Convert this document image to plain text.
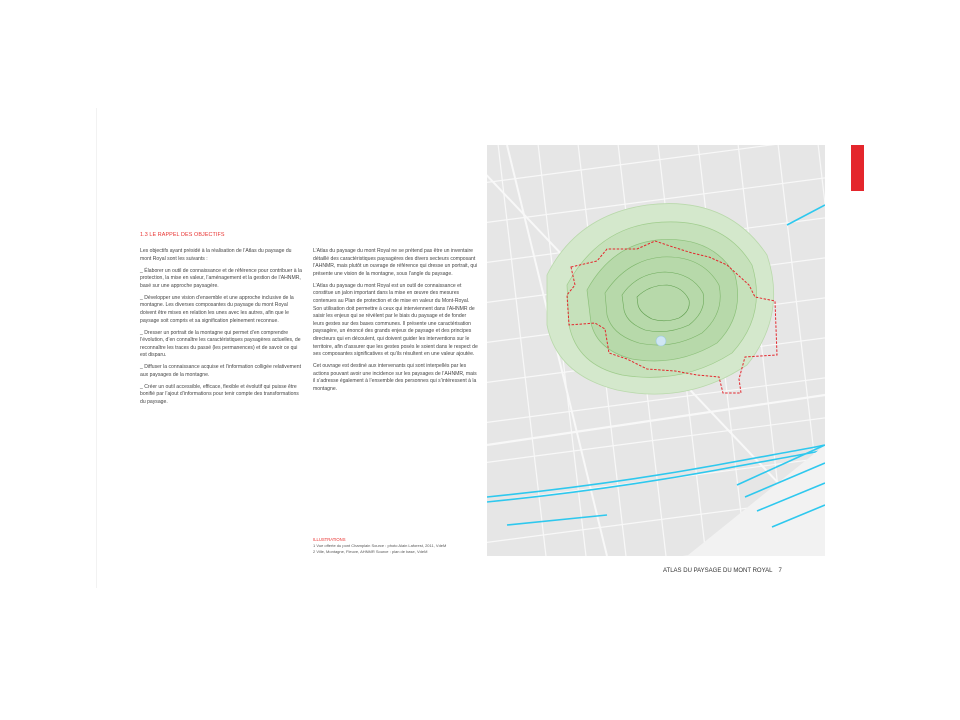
1.3 LE RAPPEL DES OBJECTIFS

Les objectifs ayant présidé à la réalisation de l’Atlas du paysage du mont Royal sont les suivants :

_ Élaborer un outil de connaissance et de référence pour contribuer à la protection, la mise en valeur, l’aménagement et la gestion de l’AHNMR, basé sur une approche paysagère.

_ Développer une vision d’ensemble et une approche inclusive de la montagne. Les diverses composantes du paysage du mont Royal doivent être mises en relation les unes avec les autres, afin que le paysage soit compris et sa signification pleinement reconnue.

_ Dresser un portrait de la montagne qui permet d’en comprendre l’évolution, d’en connaître les caractéristiques paysagères actuelles, de reconnaître les traces du passé (les permanences) et de savoir ce qui est disparu.

_ Diffuser la connaissance acquise et l’information colligée relativement aux paysages de la montagne.

_ Créer un outil accessible, efficace, flexible et évolutif qui puisse être bonifié par l’ajout d’informations pour tenir compte des transformations du paysage.

L’Atlas du paysage du mont Royal ne se prétend pas être un inventaire détaillé des caractéristiques paysagères des divers secteurs composant l’AHNMR, mais plutôt un ouvrage de référence qui dresse un portrait, qui présente une vision de la montagne, sous l’angle du paysage.

L’Atlas du paysage du mont Royal est un outil de connaissance et constitue un jalon important dans la mise en œuvre des mesures contenues au Plan de protection et de mise en valeur du Mont-Royal. Son utilisation doit permettre à ceux qui interviennent dans l’AHNMR de saisir les enjeux qui se révèlent par le biais du paysage et de fonder leurs gestes sur des bases communes. Il présente une caractérisation paysagère, un énoncé des grands enjeux de paysage et des principes directeurs qui en découlent, qui doivent guider les interventions sur le territoire, afin d’assurer que les gestes posés le soient dans le respect de ses composantes significatives et qu’ils résultent en une valeur ajoutée.

Cet ouvrage est destiné aux intervenants qui sont interpellés par les actions pouvant avoir une incidence sur les paysages de l’AHNMR, mais il s’adresse également à l’ensemble des personnes qui s’intéressent à la montagne.

ILLUSTRATIONS
1 Vue offerte du pont Champlain Source : photo Alain Laforest, 2011, VdeM
2 Ville, Montagne, Fleuve, AHNMR Source : plan de base, VdeM
ATLAS DU PAYSAGE DU MONT ROYAL 7
